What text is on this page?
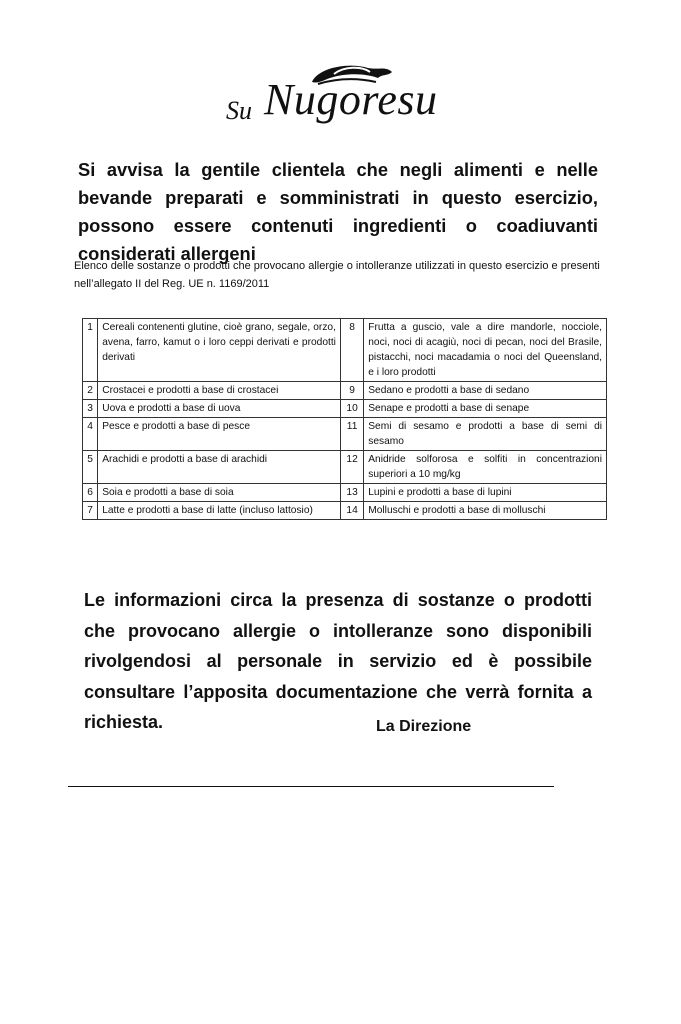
Su Nugoresu
Si avvisa la gentile clientela che negli alimenti e nelle bevande preparati e somministrati in questo esercizio, possono essere contenuti ingredienti o coadiuvanti considerati allergeni
Elenco delle sostanze o prodotti che provocano allergie o intolleranze utilizzati in questo esercizio e presenti nell’allegato II del Reg. UE n. 1169/2011
1	Cereali contenenti glutine, cioè grano, segale, orzo, avena, farro, kamut o i loro ceppi derivati e prodotti derivati	8	Frutta a guscio, vale a dire mandorle, nocciole, noci, noci di acagiù, noci di pecan, noci del Brasile, pistacchi, noci macadamia o noci del Queensland, e i loro prodotti
2	Crostacei e prodotti a base di crostacei	9	Sedano e prodotti a base di sedano
3	Uova e prodotti a base di uova	10	Senape e prodotti a base di senape
4	Pesce e prodotti a base di pesce	11	Semi di sesamo e prodotti a base di semi di sesamo
5	Arachidi e prodotti a base di arachidi	12	Anidride solforosa e solfiti in concentrazioni superiori a 10 mg/kg
6	Soia e prodotti a base di soia	13	Lupini e prodotti a base di lupini
7	Latte e prodotti a base di latte (incluso lattosio)	14	Molluschi e prodotti a base di molluschi
Le informazioni circa la presenza di sostanze o prodotti che provocano allergie o intolleranze sono disponibili rivolgendosi al personale in servizio ed è possibile consultare l’apposita documentazione che verrà fornita a richiesta.	La Direzione
